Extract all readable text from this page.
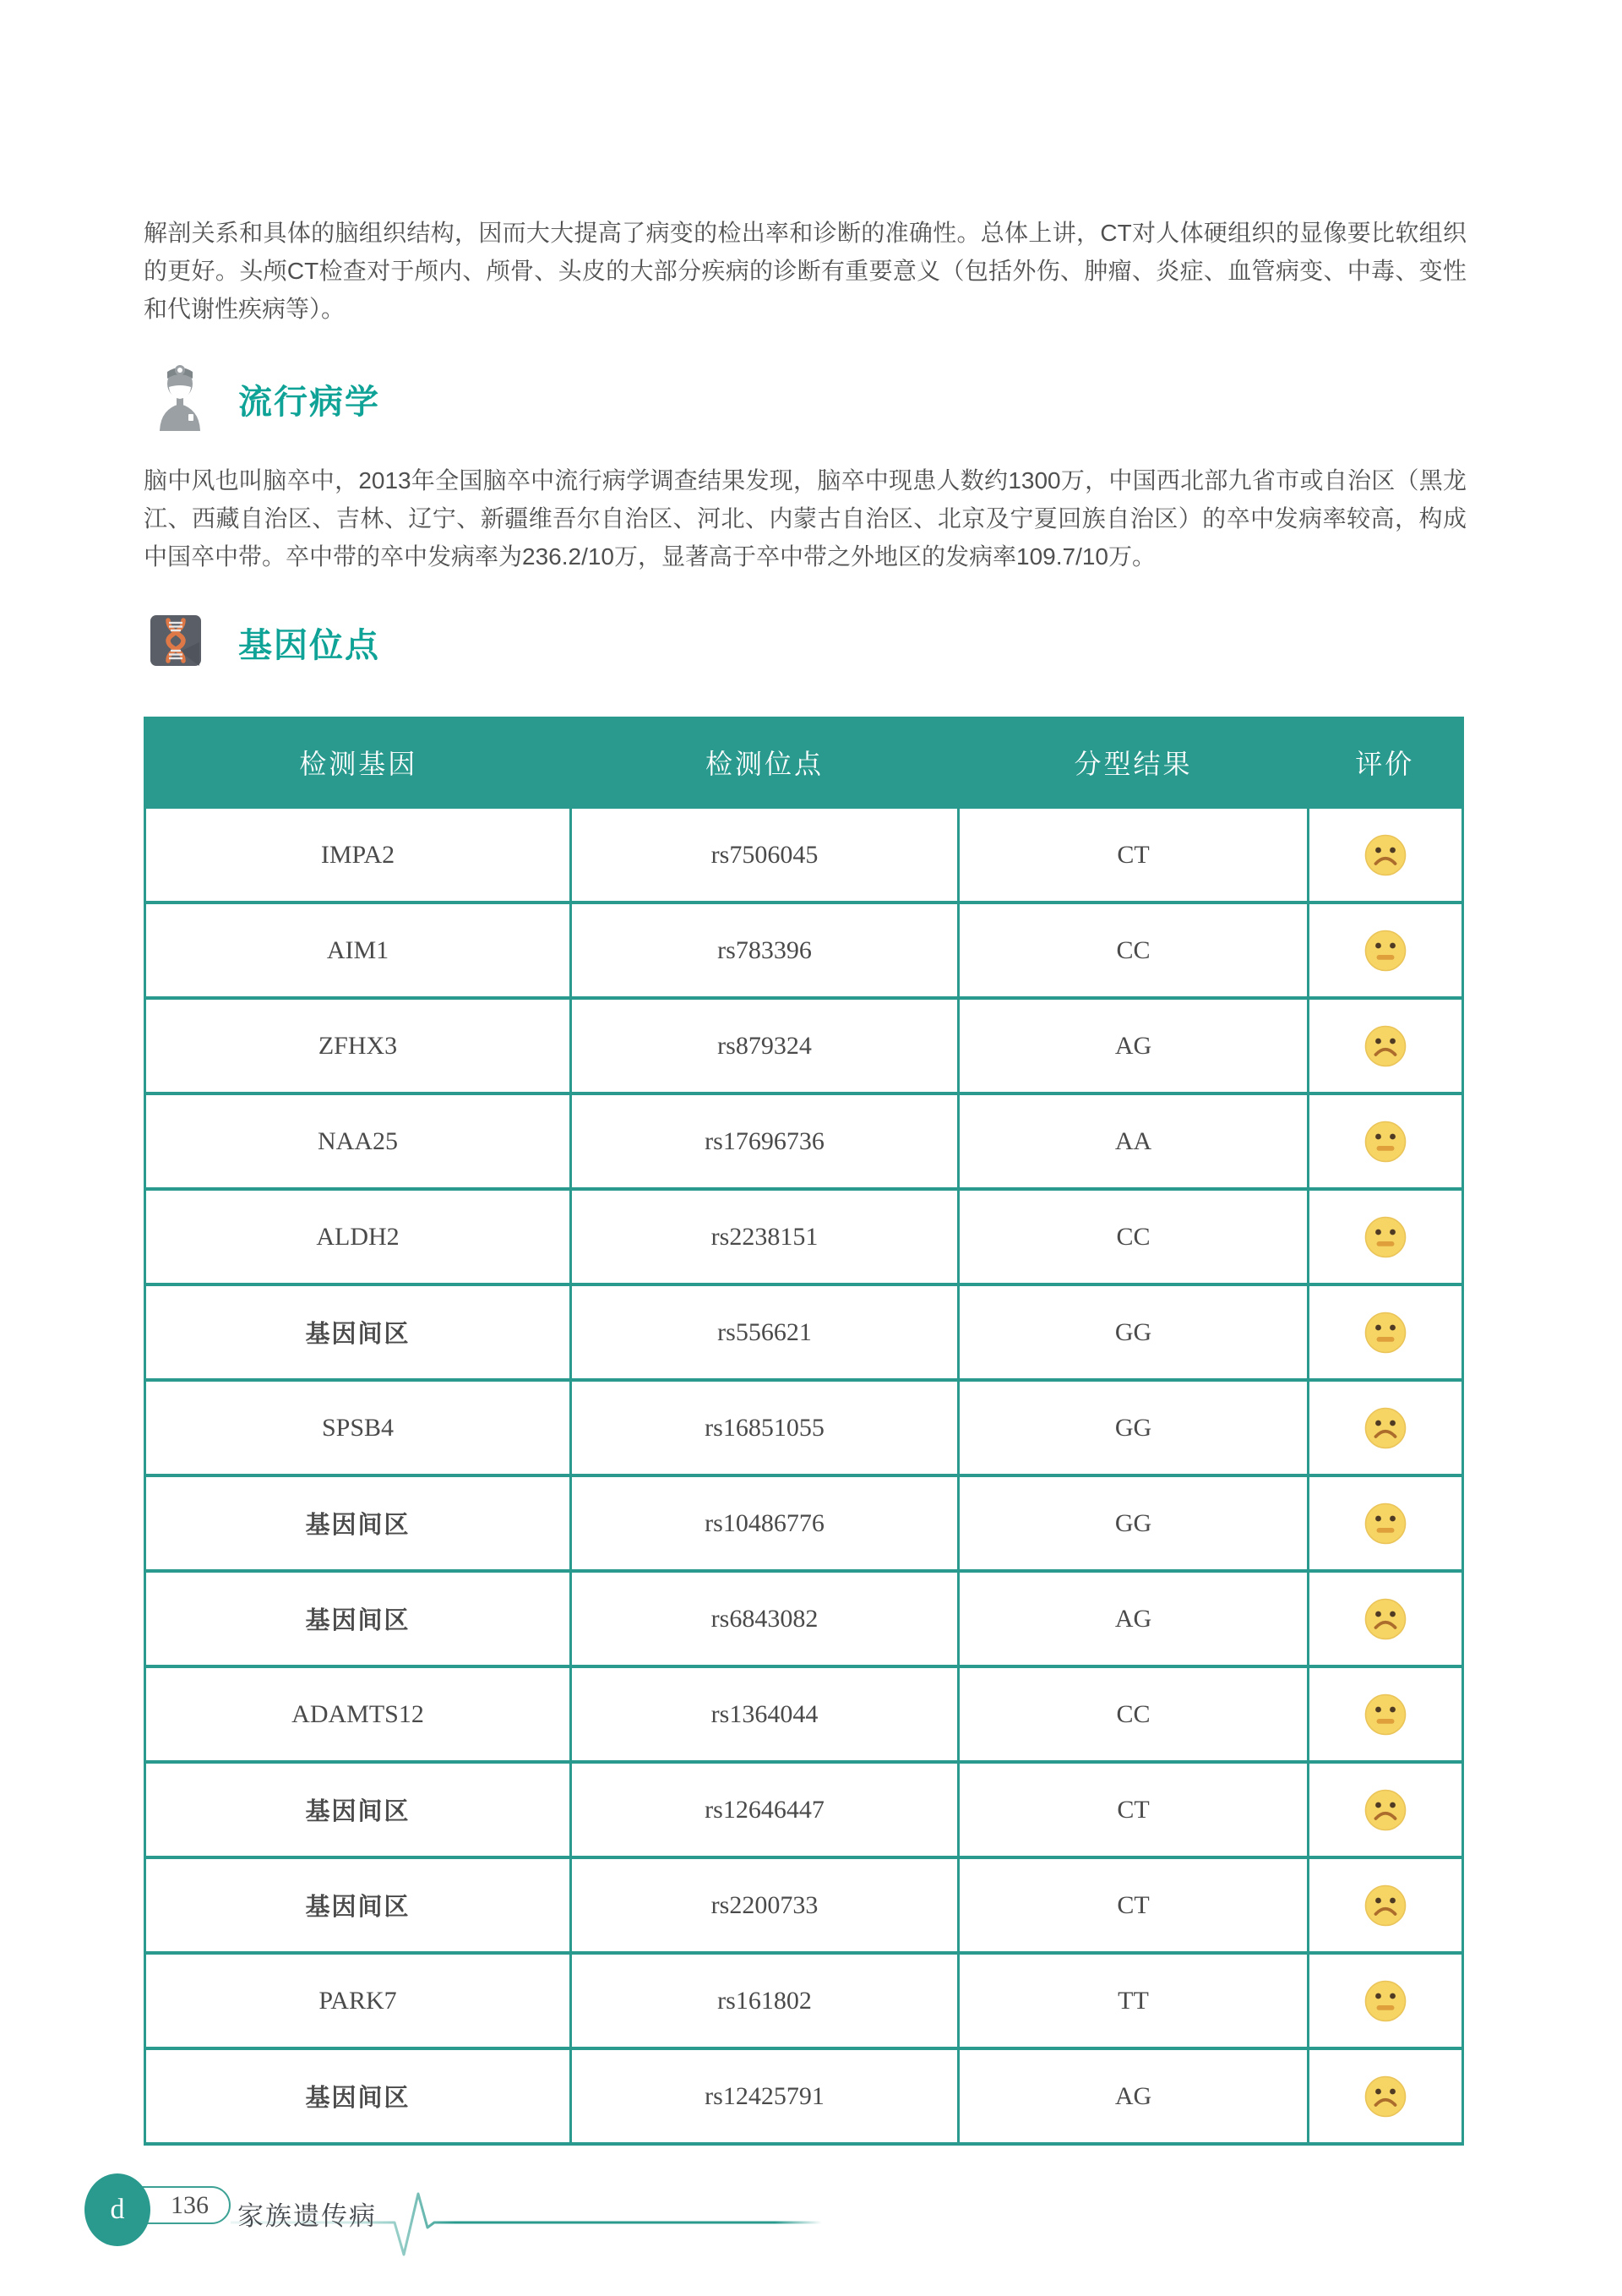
解剖关系和具体的脑组织结构，因而大大提高了病变的检出率和诊断的准确性。总体上讲，CT对人体硬组织的显像要比软组织的更好。头颅CT检查对于颅内、颅骨、头皮的大部分疾病的诊断有重要意义（包括外伤、肿瘤、炎症、血管病变、中毒、变性和代谢性疾病等）。

流行病学

脑中风也叫脑卒中，2013年全国脑卒中流行病学调查结果发现，脑卒中现患人数约1300万，中国西北部九省市或自治区（黑龙江、西藏自治区、吉林、辽宁、新疆维吾尔自治区、河北、内蒙古自治区、北京及宁夏回族自治区）的卒中发病率较高，构成中国卒中带。卒中带的卒中发病率为236.2/10万，显著高于卒中带之外地区的发病率109.7/10万。

基因位点
检测基因	检测位点	分型结果	评价
IMPA2	rs7506045	CT	

AIM1	rs783396	CC	

ZFHX3	rs879324	AG	

NAA25	rs17696736	AA	

ALDH2	rs2238151	CC	

基因间区	rs556621	GG	

SPSB4	rs16851055	GG	

基因间区	rs10486776	GG	

基因间区	rs6843082	AG	

ADAMTS12	rs1364044	CC	

基因间区	rs12646447	CT	

基因间区	rs2200733	CT	

PARK7	rs161802	TT	

基因间区	rs12425791	AG	
136
d	家族遗传病
